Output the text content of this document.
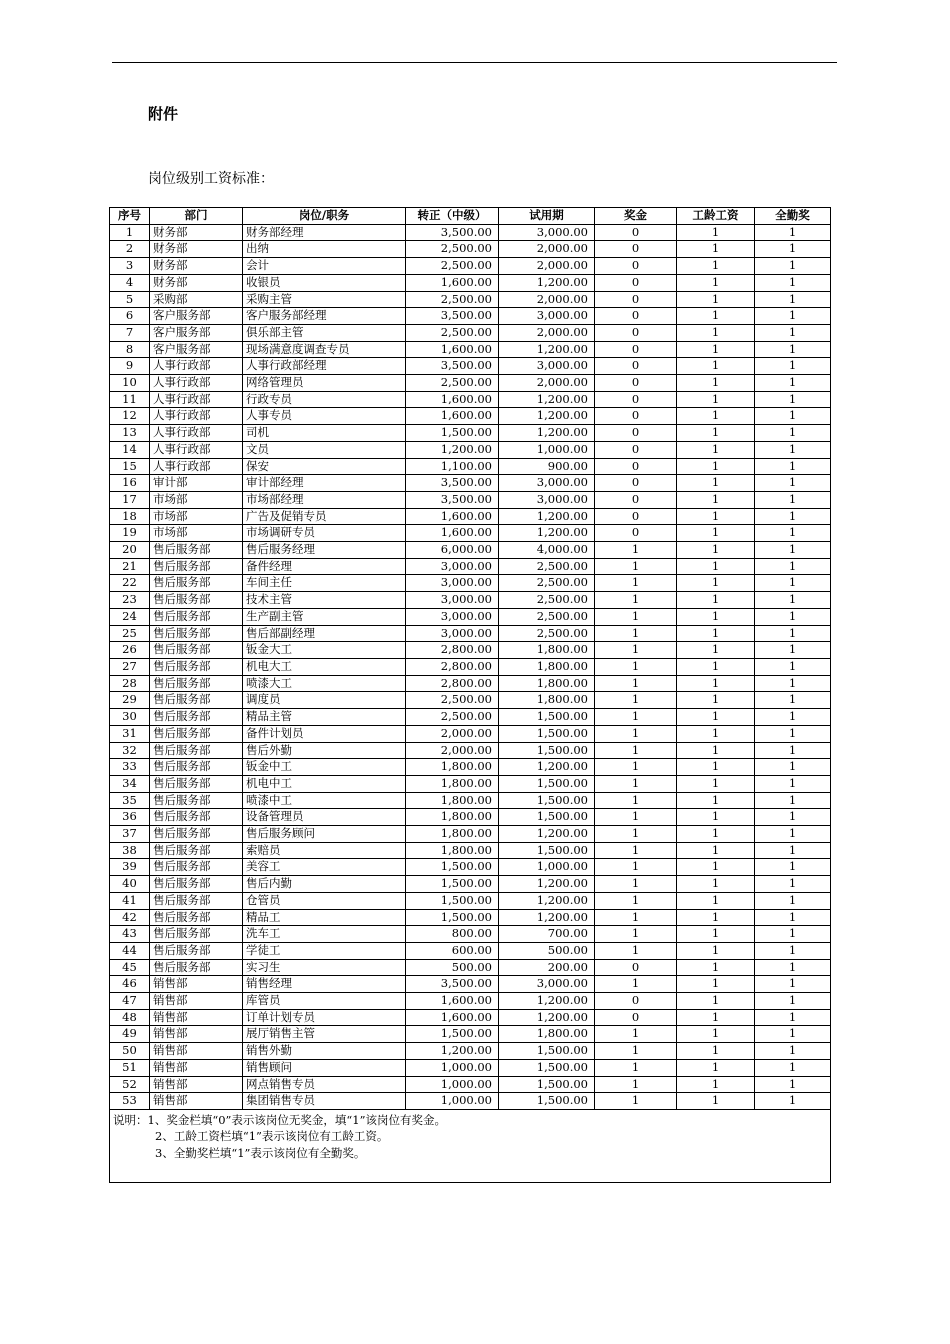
附件
岗位级别工资标准：
序号	部门	岗位/职务	转正（中级）	试用期	奖金	工龄工资	全勤奖
1	财务部	财务部经理	3,500.00	3,000.00	0	1	1
2	财务部	出纳	2,500.00	2,000.00	0	1	1
3	财务部	会计	2,500.00	2,000.00	0	1	1
4	财务部	收银员	1,600.00	1,200.00	0	1	1
5	采购部	采购主管	2,500.00	2,000.00	0	1	1
6	客户服务部	客户服务部经理	3,500.00	3,000.00	0	1	1
7	客户服务部	俱乐部主管	2,500.00	2,000.00	0	1	1
8	客户服务部	现场满意度调查专员	1,600.00	1,200.00	0	1	1
9	人事行政部	人事行政部经理	3,500.00	3,000.00	0	1	1
10	人事行政部	网络管理员	2,500.00	2,000.00	0	1	1
11	人事行政部	行政专员	1,600.00	1,200.00	0	1	1
12	人事行政部	人事专员	1,600.00	1,200.00	0	1	1
13	人事行政部	司机	1,500.00	1,200.00	0	1	1
14	人事行政部	文员	1,200.00	1,000.00	0	1	1
15	人事行政部	保安	1,100.00	900.00	0	1	1
16	审计部	审计部经理	3,500.00	3,000.00	0	1	1
17	市场部	市场部经理	3,500.00	3,000.00	0	1	1
18	市场部	广告及促销专员	1,600.00	1,200.00	0	1	1
19	市场部	市场调研专员	1,600.00	1,200.00	0	1	1
20	售后服务部	售后服务经理	6,000.00	4,000.00	1	1	1
21	售后服务部	备件经理	3,000.00	2,500.00	1	1	1
22	售后服务部	车间主任	3,000.00	2,500.00	1	1	1
23	售后服务部	技术主管	3,000.00	2,500.00	1	1	1
24	售后服务部	生产副主管	3,000.00	2,500.00	1	1	1
25	售后服务部	售后部副经理	3,000.00	2,500.00	1	1	1
26	售后服务部	钣金大工	2,800.00	1,800.00	1	1	1
27	售后服务部	机电大工	2,800.00	1,800.00	1	1	1
28	售后服务部	喷漆大工	2,800.00	1,800.00	1	1	1
29	售后服务部	调度员	2,500.00	1,800.00	1	1	1
30	售后服务部	精品主管	2,500.00	1,500.00	1	1	1
31	售后服务部	备件计划员	2,000.00	1,500.00	1	1	1
32	售后服务部	售后外勤	2,000.00	1,500.00	1	1	1
33	售后服务部	钣金中工	1,800.00	1,200.00	1	1	1
34	售后服务部	机电中工	1,800.00	1,500.00	1	1	1
35	售后服务部	喷漆中工	1,800.00	1,500.00	1	1	1
36	售后服务部	设备管理员	1,800.00	1,500.00	1	1	1
37	售后服务部	售后服务顾问	1,800.00	1,200.00	1	1	1
38	售后服务部	索赔员	1,800.00	1,500.00	1	1	1
39	售后服务部	美容工	1,500.00	1,000.00	1	1	1
40	售后服务部	售后内勤	1,500.00	1,200.00	1	1	1
41	售后服务部	仓管员	1,500.00	1,200.00	1	1	1
42	售后服务部	精品工	1,500.00	1,200.00	1	1	1
43	售后服务部	洗车工	800.00	700.00	1	1	1
44	售后服务部	学徒工	600.00	500.00	1	1	1
45	售后服务部	实习生	500.00	200.00	0	1	1
46	销售部	销售经理	3,500.00	3,000.00	1	1	1
47	销售部	库管员	1,600.00	1,200.00	0	1	1
48	销售部	订单计划专员	1,600.00	1,200.00	0	1	1
49	销售部	展厅销售主管	1,500.00	1,800.00	1	1	1
50	销售部	销售外勤	1,200.00	1,500.00	1	1	1
51	销售部	销售顾问	1,000.00	1,500.00	1	1	1
52	销售部	网点销售专员	1,000.00	1,500.00	1	1	1
53	销售部	集团销售专员	1,000.00	1,500.00	1	1	1

说明：1、奖金栏填“0”表示该岗位无奖金，填“1”该岗位有奖金。
2、工龄工资栏填“1”表示该岗位有工龄工资。
3、全勤奖栏填“1”表示该岗位有全勤奖。							
